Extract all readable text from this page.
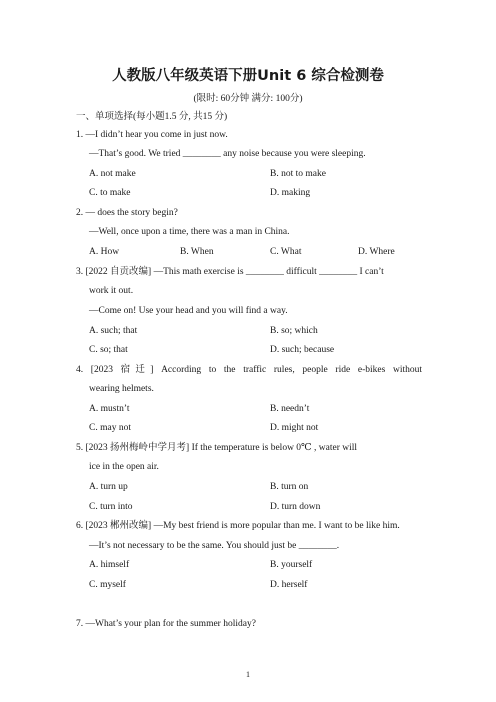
人教版八年级英语下册Unit 6 综合检测卷
(限时: 60分钟 满分: 100分)
一、单项选择(每小题1.5 分, 共15 分)
1. —I didn’t hear you come in just now.
—That’s good. We tried ________ any noise because you were sleeping.
A. not make	B. not to make
C. to make	D. making
2. — does the story begin?
—Well, once upon a time, there was a man in China.
A. How	B. When	C. What	D. Where
3. [2022 自贡改编] —This math exercise is ________ difficult ________ I can’t
work it out.
—Come on! Use your head and you will find a way.
A. such; that	B. so; which
C. so; that	D. such; because
4. [2023 宿迁] According to the traffic rules, people ride e-bikes without
wearing helmets.
A. mustn’t	B. needn’t
C. may not	D. might not
5. [2023 扬州梅岭中学月考] If the temperature is below 0℃ , water will
ice in the open air.
A. turn up	B. turn on
C. turn into	D. turn down
6. [2023 郴州改编] —My best friend is more popular than me. I want to be like him.
—It’s not necessary to be the same. You should just be ________.
A. himself	B. yourself
C. myself	D. herself
7. —What’s your plan for the summer holiday?
1
